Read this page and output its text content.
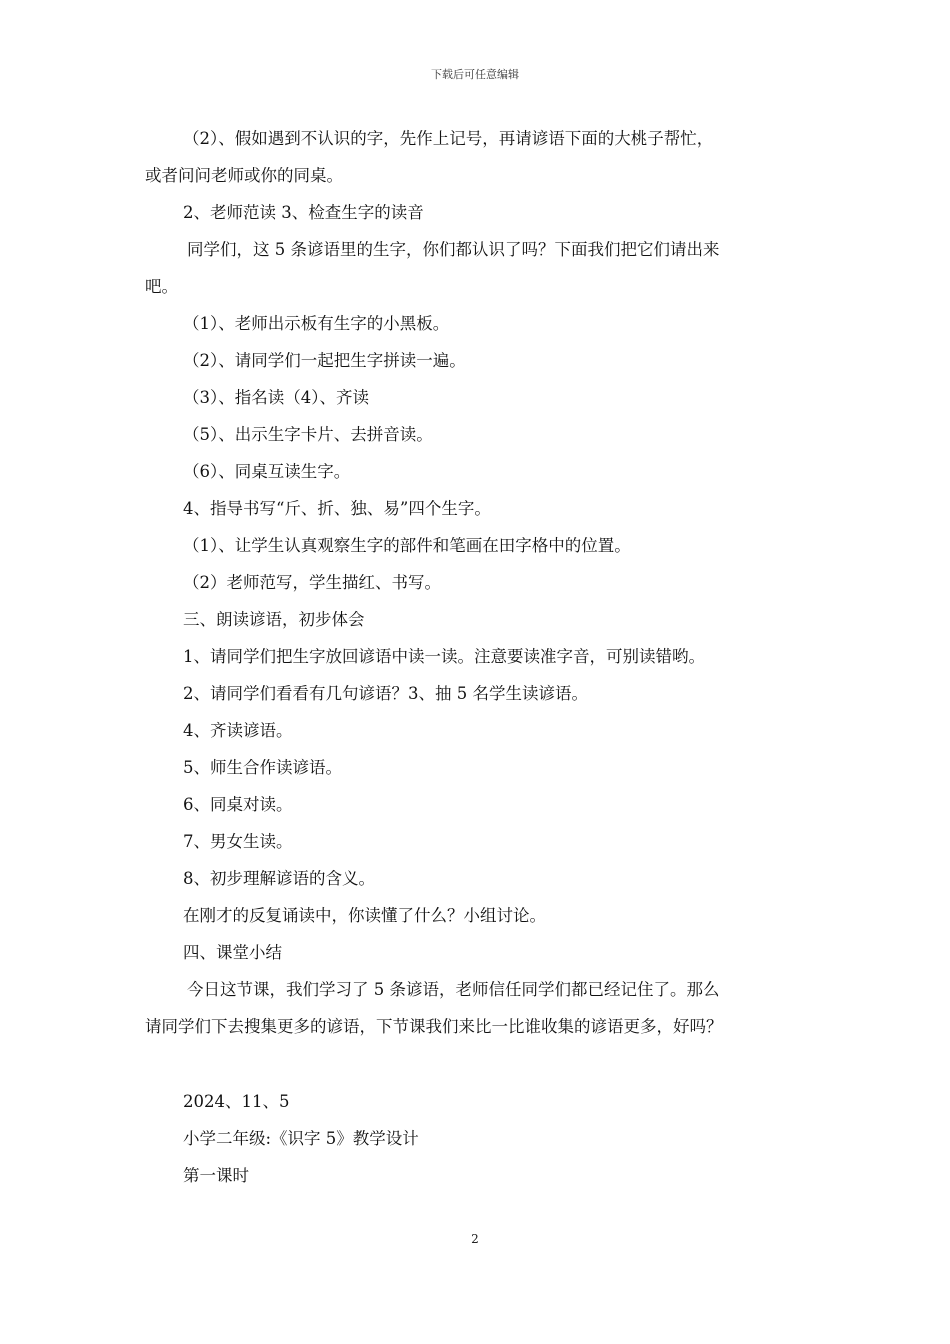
下载后可任意编辑

（2）、假如遇到不认识的字，先作上记号，再请谚语下面的大桃子帮忙，

或者问问老师或你的同桌。

2、老师范读 3、检查生字的读音

同学们，这 5 条谚语里的生字，你们都认识了吗？下面我们把它们请出来

吧。

（1）、老师出示板有生字的小黑板。

（2）、请同学们一起把生字拼读一遍。

（3）、指名读（4）、齐读

（5）、出示生字卡片、去拼音读。

（6）、同桌互读生字。

4、指导书写“斤、折、独、易”四个生字。

（1）、让学生认真观察生字的部件和笔画在田字格中的位置。

（2）老师范写，学生描红、书写。

三、朗读谚语，初步体会

1、请同学们把生字放回谚语中读一读。注意要读准字音，可别读错哟。

2、请同学们看看有几句谚语？3、抽 5 名学生读谚语。

4、齐读谚语。

5、师生合作读谚语。

6、同桌对读。

7、男女生读。

8、初步理解谚语的含义。

在刚才的反复诵读中，你读懂了什么？小组讨论。

四、课堂小结

今日这节课，我们学习了 5 条谚语，老师信任同学们都已经记住了。那么

请同学们下去搜集更多的谚语，下节课我们来比一比谁收集的谚语更多，好吗？

2024、11、5

小学二年级:《识字 5》教学设计

第一课时

2
